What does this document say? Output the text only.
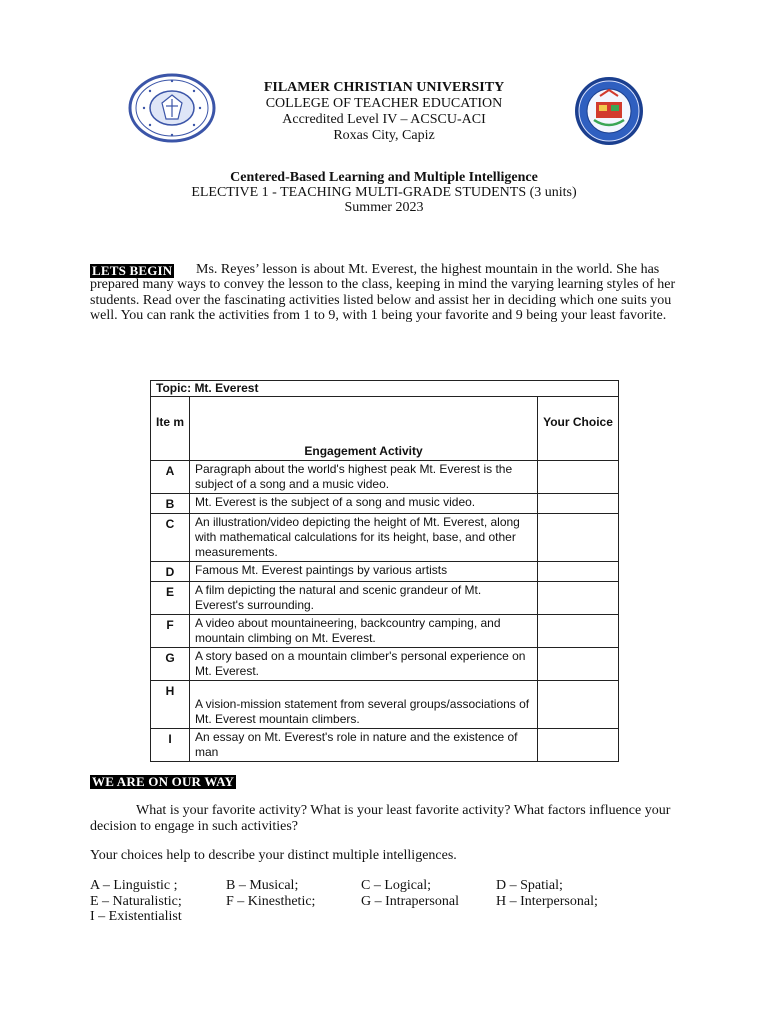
FILAMER CHRISTIAN UNIVERSITY
COLLEGE OF TEACHER EDUCATION
Accredited Level IV – ACSCU-ACI
Roxas City, Capiz
Centered-Based Learning and Multiple Intelligence
ELECTIVE 1 - TEACHING MULTI-GRADE STUDENTS (3 units)
Summer 2023
LETS BEGIN	Ms. Reyes’ lesson is about Mt. Everest, the highest mountain in the world. She has prepared many ways to convey the lesson to the class, keeping in mind the varying learning styles of her students. Read over the fascinating activities listed below and assist her in deciding which one suits you well. You can rank the activities from 1 to 9, with 1 being your favorite and 9 being your least favorite.
Topic: Mt. Everest		
Ite m	Engagement Activity	Your Choice
A	Paragraph about the world's highest peak Mt. Everest is the subject of a song and a music video.	
B	Mt. Everest is the subject of a song and music video.	
C	An illustration/video depicting the height of Mt. Everest, along with mathematical calculations for its height, base, and other measurements.	
D	Famous Mt. Everest paintings by various artists	
E	A film depicting the natural and scenic grandeur of Mt. Everest's surrounding.	
F	A video about mountaineering, backcountry camping, and mountain climbing on Mt. Everest.	
G	A story based on a mountain climber's personal experience on Mt. Everest.	
H	A vision-mission statement from several groups/associations of Mt. Everest mountain climbers.	
I	An essay on Mt. Everest's role in nature and the existence of man	
WE ARE ON OUR WAY
What is your favorite activity? What is your least favorite activity? What factors influence your decision to engage in such activities?
Your choices help to describe your distinct multiple intelligences.
A – Linguistic ;	B – Musical;	C – Logical;	D – Spatial;
E – Naturalistic;	F – Kinesthetic;	G – Intrapersonal	H – Interpersonal;
I – Existentialist
